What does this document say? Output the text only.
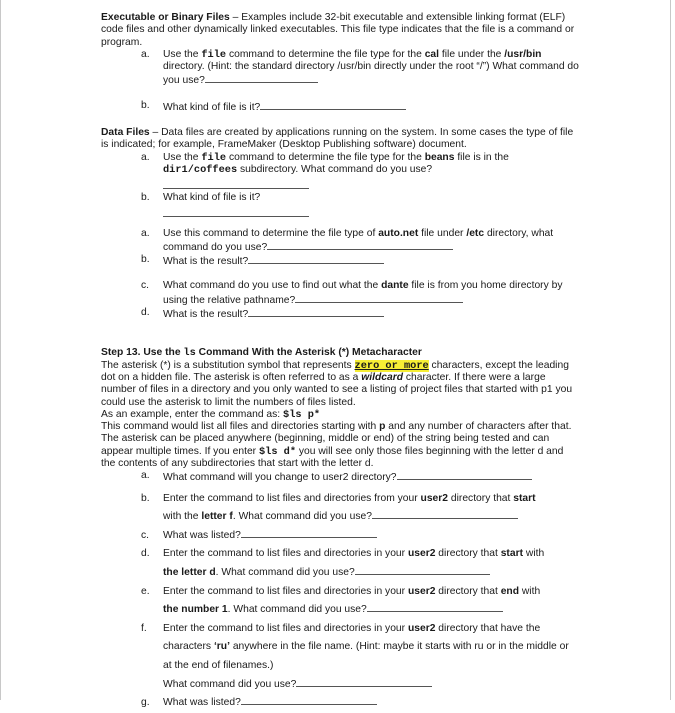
Executable or Binary Files – Examples include 32-bit executable and extensible linking format (ELF) code files and other dynamically linked executables. This file type indicates that the file is a command or program.

a. Use the file command to determine the file type for the cal file under the /usr/bin directory. (Hint: the standard directory /usr/bin directly under the root “/”) What command do you use?
b. What kind of file is it?

Data Files – Data files are created by applications running on the system. In some cases the type of file is indicated; for example, FrameMaker (Desktop Publishing software) document.

a. Use the file command to determine the file type for the beans file is in the dir1/coffees subdirectory. What command do you use?
b. What kind of file is it?
a. Use this command to determine the file type of auto.net file under /etc directory, what command do you use?
b. What is the result?
c. What command do you use to find out what the dante file is from you home directory by using the relative pathname?
d. What is the result?

Step 13. Use the ls Command With the Asterisk (*) Metacharacter

The asterisk (*) is a substitution symbol that represents zero or more characters, except the leading dot on a hidden file. The asterisk is often referred to as a wildcard character. If there were a large number of files in a directory and you only wanted to see a listing of project files that started with p1 you could use the asterisk to limit the numbers of files listed.

As an example, enter the command as: $ls p*

This command would list all files and directories starting with p and any number of characters after that. The asterisk can be placed anywhere (beginning, middle or end) of the string being tested and can appear multiple times. If you enter $ls d* you will see only those files beginning with the letter d and the contents of any subdirectories that start with the letter d.

a. What command will you change to user2 directory?
b. Enter the command to list files and directories from your user2 directory that start
with the letter f. What command did you use?
c. What was listed?
d. Enter the command to list files and directories in your user2 directory that start with
the letter d. What command did you use?
e. Enter the command to list files and directories in your user2 directory that end with
the number 1. What command did you use?
f. Enter the command to list files and directories in your user2 directory that have the
characters ‘ru’ anywhere in the file name. (Hint: maybe it starts with ru or in the middle or at the end of filenames.)
What command did you use?
g. What was listed?
